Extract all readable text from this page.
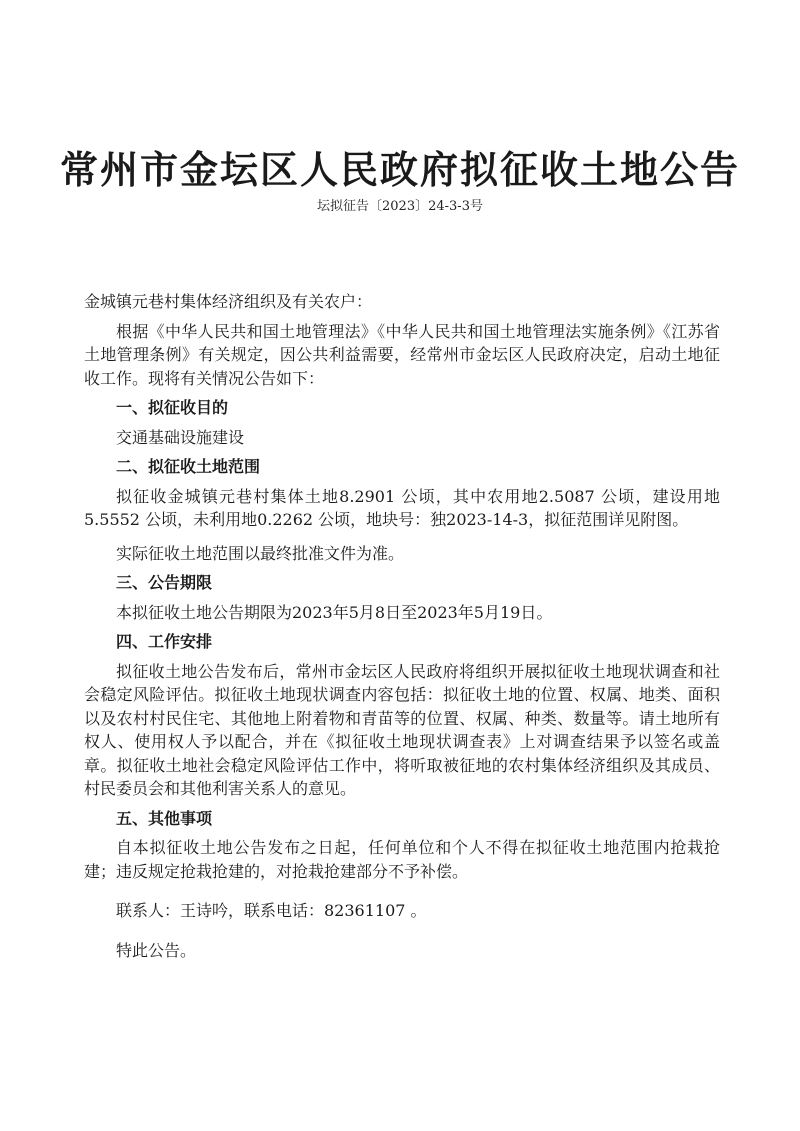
常州市金坛区人民政府拟征收土地公告
坛拟征告〔2023〕24-3-3号

金城镇元巷村集体经济组织及有关农户：

根据《中华人民共和国土地管理法》《中华人民共和国土地管理法实施条例》《江苏省土地管理条例》有关规定，因公共利益需要，经常州市金坛区人民政府决定，启动土地征收工作。现将有关情况公告如下：

一、拟征收目的

交通基础设施建设

二、拟征收土地范围

拟征收金城镇元巷村集体土地8.2901 公顷，其中农用地2.5087 公顷，建设用地5.5552 公顷，未利用地0.2262 公顷，地块号：独2023-14-3，拟征范围详见附图。

实际征收土地范围以最终批准文件为准。

三、公告期限

本拟征收土地公告期限为2023年5月8日至2023年5月19日。

四、工作安排

拟征收土地公告发布后，常州市金坛区人民政府将组织开展拟征收土地现状调查和社会稳定风险评估。拟征收土地现状调查内容包括：拟征收土地的位置、权属、地类、面积以及农村村民住宅、其他地上附着物和青苗等的位置、权属、种类、数量等。请土地所有权人、使用权人予以配合，并在《拟征收土地现状调查表》上对调查结果予以签名或盖章。拟征收土地社会稳定风险评估工作中，将听取被征地的农村集体经济组织及其成员、村民委员会和其他利害关系人的意见。

五、其他事项

自本拟征收土地公告发布之日起，任何单位和个人不得在拟征收土地范围内抢栽抢建；违反规定抢栽抢建的，对抢栽抢建部分不予补偿。

联系人：王诗吟，联系电话：82361107 。

特此公告。
